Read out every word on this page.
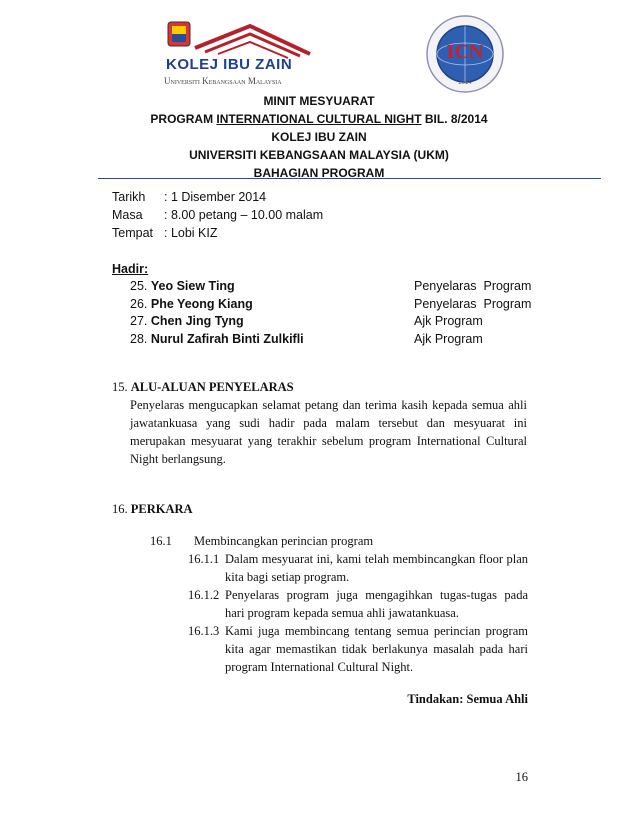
KOLEJ IBU ZAIN
Universiti Kebangsaan Malaysia
ICN
2014
MINIT MESYUARAT
PROGRAM INTERNATIONAL CULTURAL NIGHT BIL. 8/2014
KOLEJ IBU ZAIN
UNIVERSITI KEBANGSAAN MALAYSIA (UKM)
BAHAGIAN PROGRAM
Tarikh : 1 Disember 2014
Masa : 8.00 petang – 10.00 malam
Tempat : Lobi KIZ
Hadir:
25. Yeo Siew Ting	Penyelaras  Program
26. Phe Yeong Kiang	Penyelaras  Program
27. Chen Jing Tyng	Ajk Program
28. Nurul Zafirah Binti Zulkifli	Ajk Program
15. ALU-ALUAN PENYELARAS
Penyelaras mengucapkan selamat petang dan terima kasih kepada semua ahli
jawatankuasa yang sudi hadir pada malam tersebut dan mesyuarat ini
merupakan mesyuarat yang terakhir sebelum program International Cultural
Night berlangsung.
16. PERKARA
16.1 Membincangkan perincian program
16.1.1 Dalam mesyuarat ini, kami telah membincangkan floor plan
kita bagi setiap program.
16.1.2 Penyelaras program juga mengagihkan tugas-tugas pada
hari program kepada semua ahli jawatankuasa.
16.1.3 Kami juga membincang tentang semua perincian program
kita agar memastikan tidak berlakunya masalah pada hari
program International Cultural Night.
Tindakan: Semua Ahli
16
